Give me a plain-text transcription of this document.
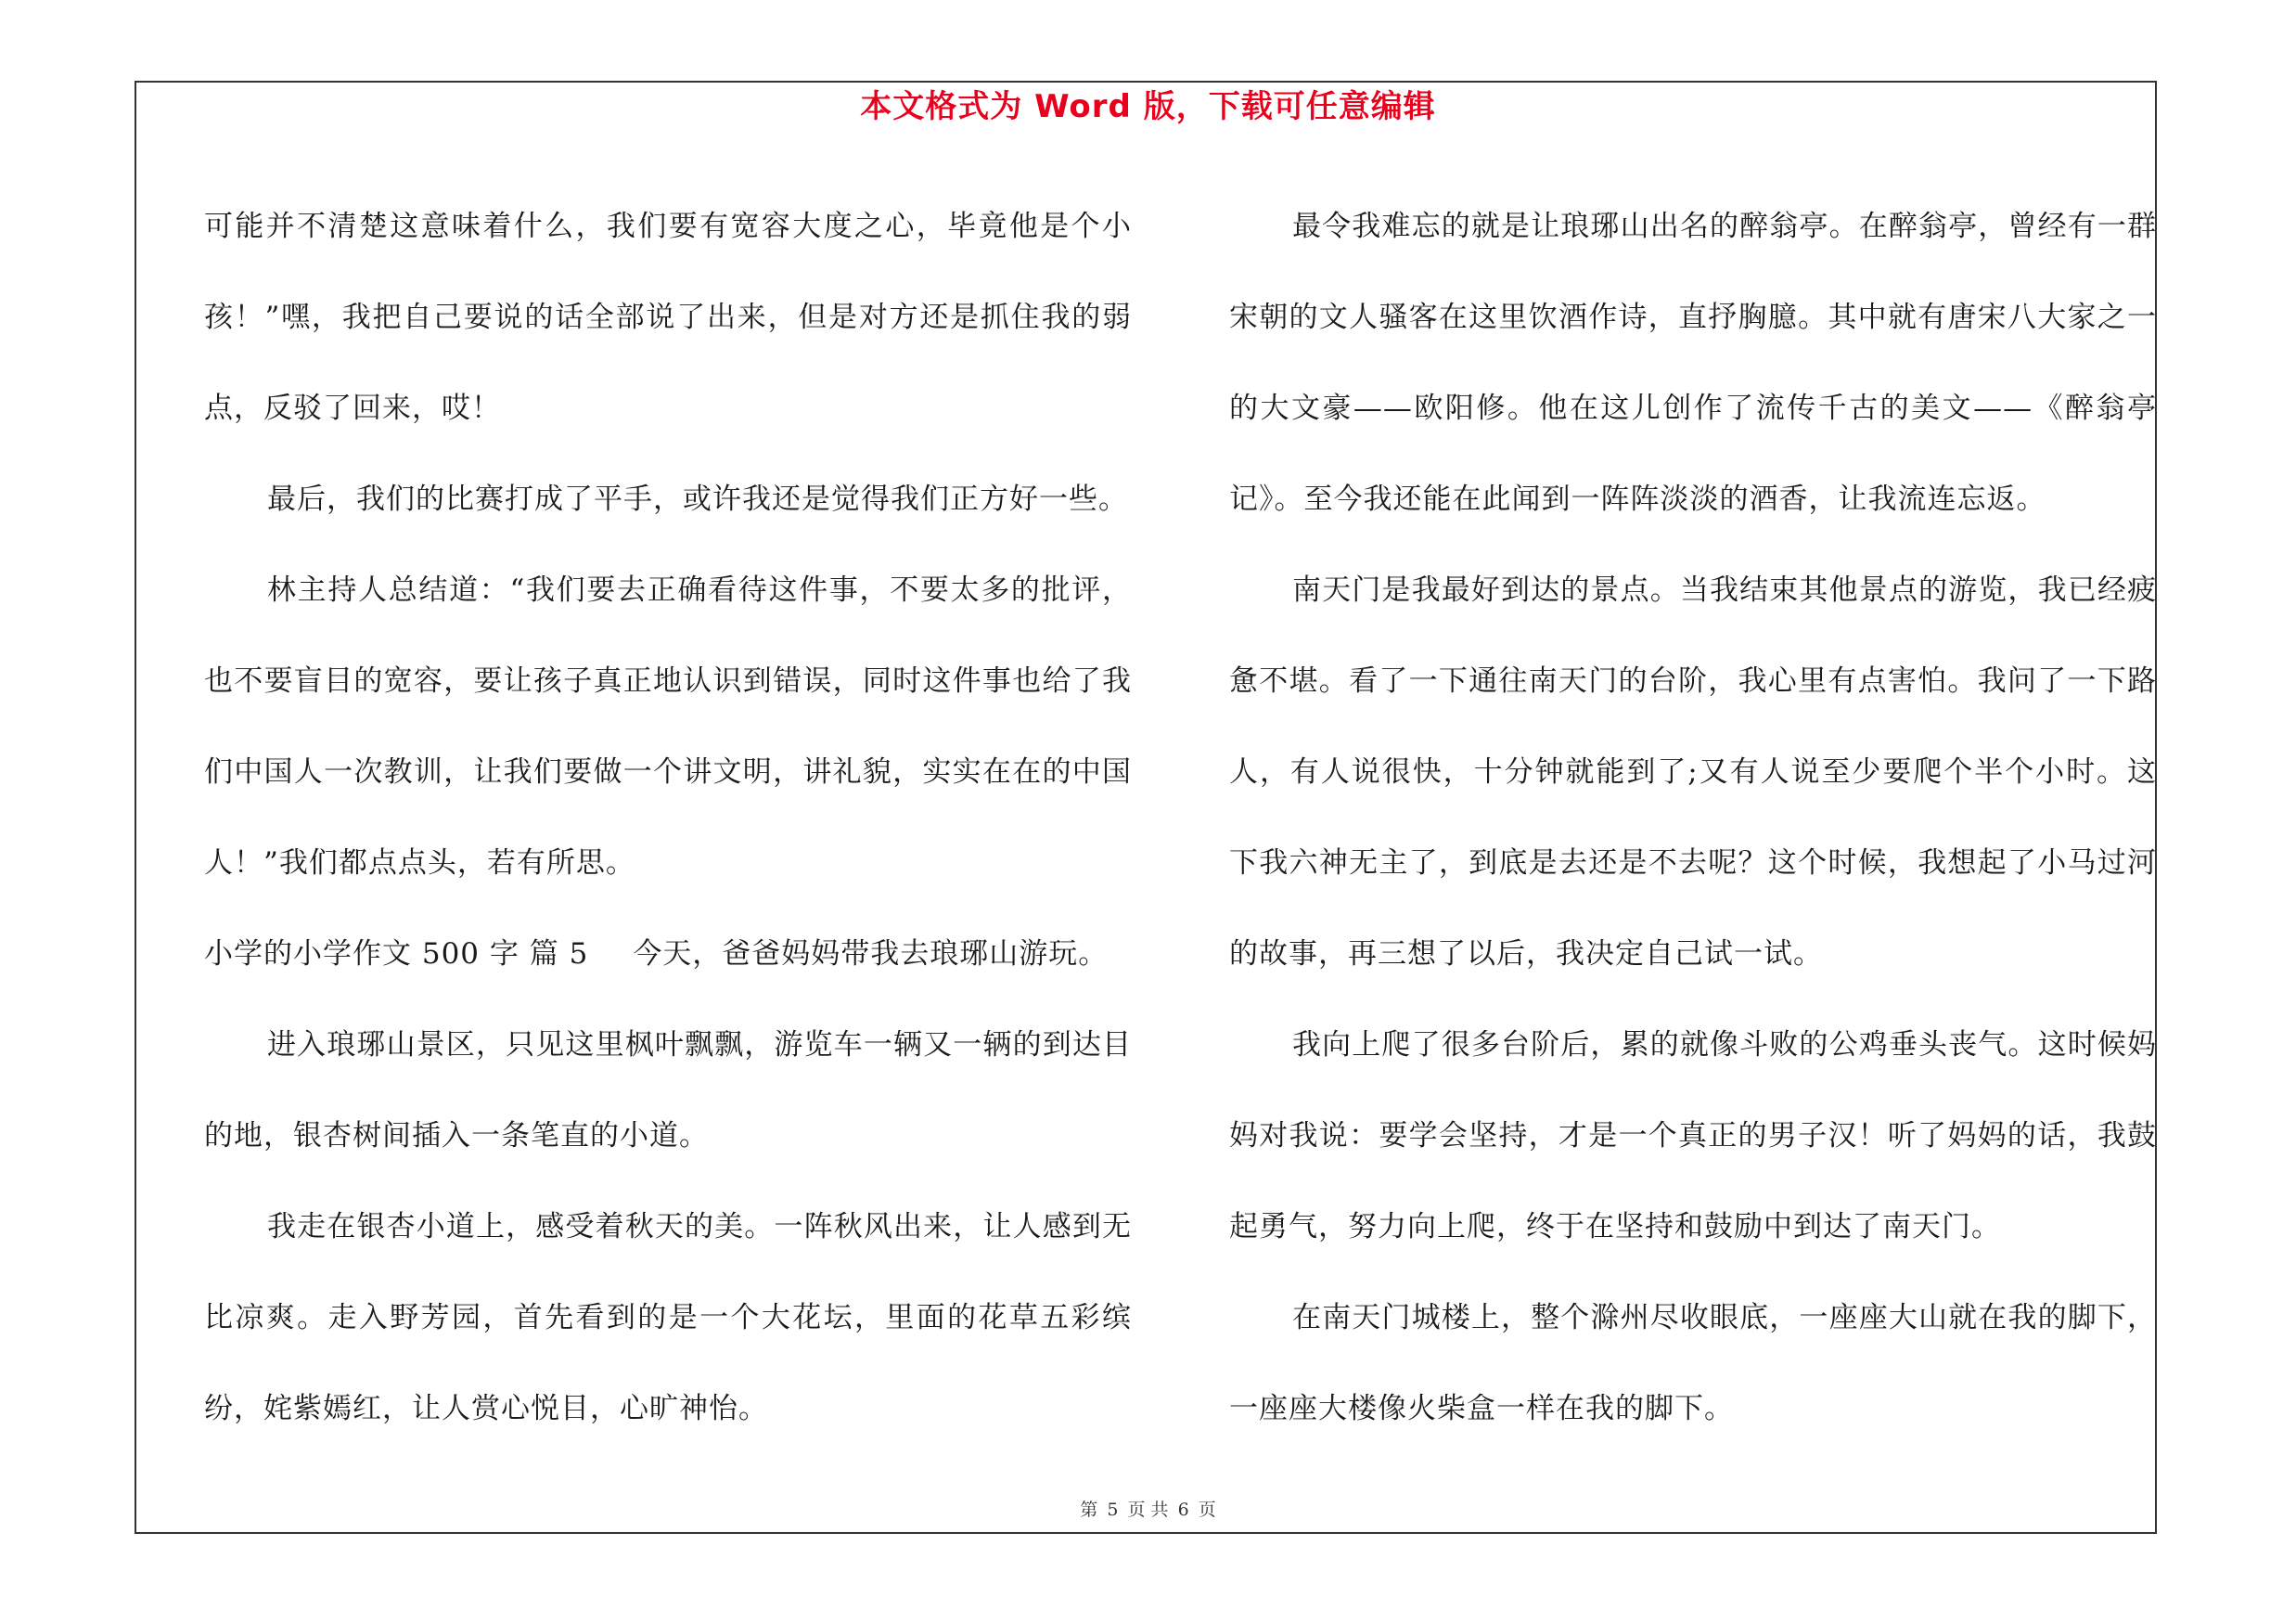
本文格式为 Word 版，下载可任意编辑

可能并不清楚这意味着什么，我们要有宽容大度之心，毕竟他是个小孩！”嘿，我把自己要说的话全部说了出来，但是对方还是抓住我的弱点，反驳了回来，哎！

最后，我们的比赛打成了平手，或许我还是觉得我们正方好一些。

林主持人总结道：“我们要去正确看待这件事，不要太多的批评，也不要盲目的宽容，要让孩子真正地认识到错误，同时这件事也给了我们中国人一次教训，让我们要做一个讲文明，讲礼貌，实实在在的中国人！”我们都点点头，若有所思。

小学的小学作文 500 字 篇 5 今天，爸爸妈妈带我去琅琊山游玩。

进入琅琊山景区，只见这里枫叶飘飘，游览车一辆又一辆的到达目的地，银杏树间插入一条笔直的小道。

我走在银杏小道上，感受着秋天的美。一阵秋风出来，让人感到无比凉爽。走入野芳园，首先看到的是一个大花坛，里面的花草五彩缤纷，姹紫嫣红，让人赏心悦目，心旷神怡。

最令我难忘的就是让琅琊山出名的醉翁亭。在醉翁亭，曾经有一群宋朝的文人骚客在这里饮酒作诗，直抒胸臆。其中就有唐宋八大家之一的大文豪——欧阳修。他在这儿创作了流传千古的美文——《醉翁亭记》。至今我还能在此闻到一阵阵淡淡的酒香，让我流连忘返。

南天门是我最好到达的景点。当我结束其他景点的游览，我已经疲惫不堪。看了一下通往南天门的台阶，我心里有点害怕。我问了一下路人，有人说很快，十分钟就能到了;又有人说至少要爬个半个小时。这下我六神无主了，到底是去还是不去呢？这个时候，我想起了小马过河的故事，再三想了以后，我决定自己试一试。

我向上爬了很多台阶后，累的就像斗败的公鸡垂头丧气。这时候妈妈对我说：要学会坚持，才是一个真正的男子汉！听了妈妈的话，我鼓起勇气，努力向上爬，终于在坚持和鼓励中到达了南天门。

在南天门城楼上，整个滁州尽收眼底，一座座大山就在我的脚下，一座座大楼像火柴盒一样在我的脚下。

第 5 页 共 6 页
